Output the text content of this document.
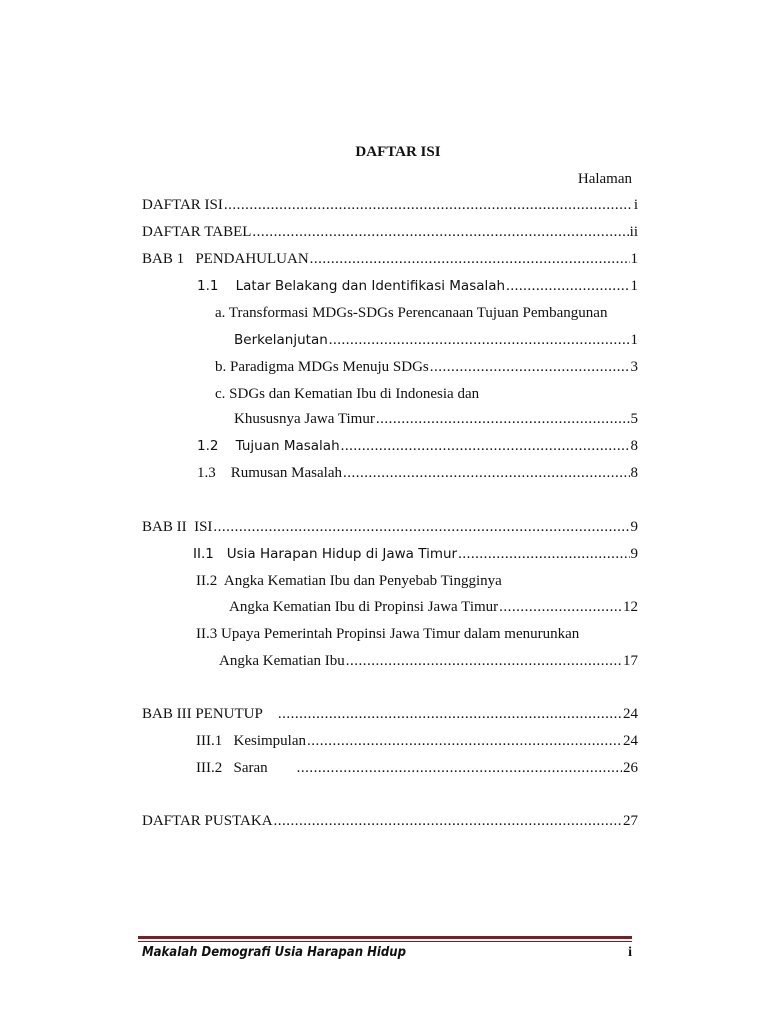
DAFTAR ISI
Halaman
DAFTAR ISI .....	i
DAFTAR TABEL .....	ii
BAB 1   PENDAHULUAN .....	1
1.1    Latar Belakang dan Identifikasi Masalah .....	1
a. Transformasi MDGs-SDGs Perencanaan Tujuan Pembangunan
Berkelanjutan .....	1
b. Paradigma MDGs Menuju SDGs .....	3
c. SDGs dan Kematian Ibu di Indonesia dan
Khususnya Jawa Timur .....	5
1.2    Tujuan Masalah .....	8
1.3    Rumusan Masalah .....	8
BAB II  ISI .....	9
II.1   Usia Harapan Hidup di Jawa Timur .....	9
II.2  Angka Kematian Ibu dan Penyebab Tingginya
Angka Kematian Ibu di Propinsi Jawa Timur .....	12
II.3 Upaya Pemerintah Propinsi Jawa Timur dalam menurunkan
Angka Kematian Ibu .....	17
BAB III PENUTUP .....	24
III.1   Kesimpulan .....	24
III.2   Saran .....	26
DAFTAR PUSTAKA .....	27
Makalah Demografi Usia Harapan Hidup	i
